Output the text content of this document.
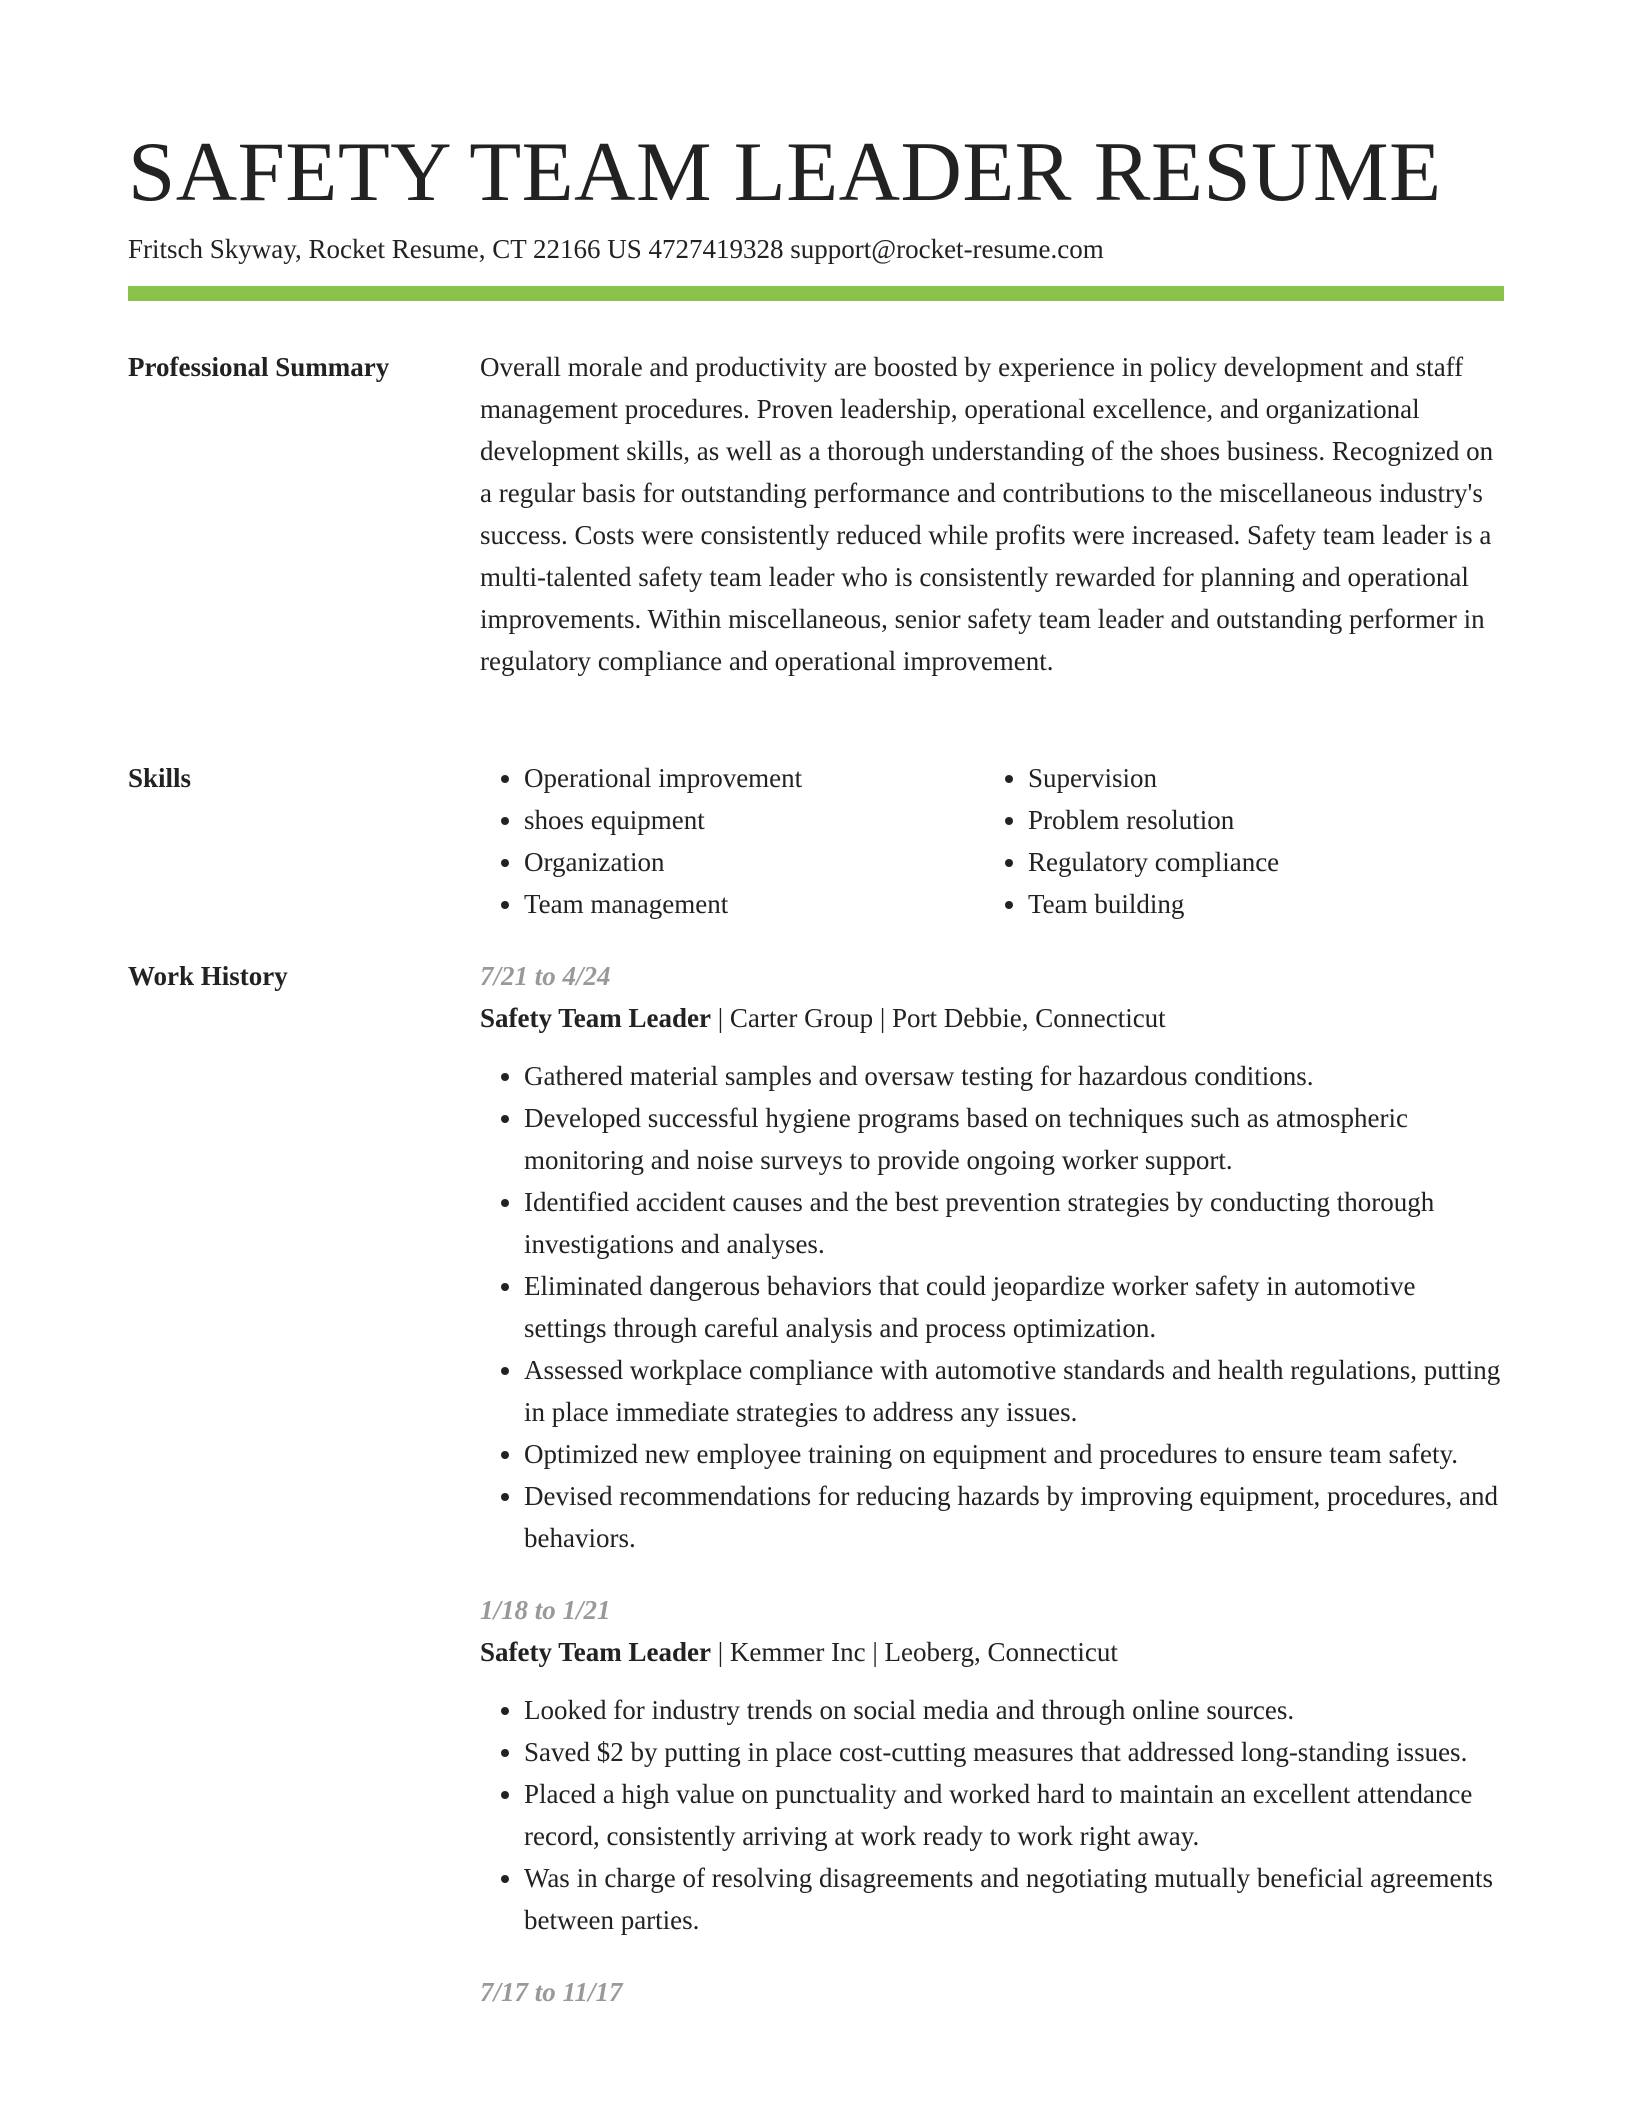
SAFETY TEAM LEADER RESUME
Fritsch Skyway, Rocket Resume, CT 22166 US 4727419328 support@rocket-resume.com
Professional Summary	Overall morale and productivity are boosted by experience in policy development and staff management procedures. Proven leadership, operational excellence, and organizational development skills, as well as a thorough understanding of the shoes business. Recognized on a regular basis for outstanding performance and contributions to the miscellaneous industry's success. Costs were consistently reduced while profits were increased. Safety team leader is a multi-talented safety team leader who is consistently rewarded for planning and operational improvements. Within miscellaneous, senior safety team leader and outstanding performer in regulatory compliance and operational improvement.

Skills
•	Operational improvement
• shoes equipment
• Organization
• Team management
• Supervision
• Problem resolution
• Regulatory compliance
• Team building
Work History	7/21 to 4/24
Safety Team Leader | Carter Group | Port Debbie, Connecticut
• Gathered material samples and oversaw testing for hazardous conditions.
• Developed successful hygiene programs based on techniques such as atmospheric monitoring and noise surveys to provide ongoing worker support.
• Identified accident causes and the best prevention strategies by conducting thorough investigations and analyses.
• Eliminated dangerous behaviors that could jeopardize worker safety in automotive settings through careful analysis and process optimization.
• Assessed workplace compliance with automotive standards and health regulations, putting in place immediate strategies to address any issues.
• Optimized new employee training on equipment and procedures to ensure team safety.
• Devised recommendations for reducing hazards by improving equipment, procedures, and behaviors.
1/18 to 1/21
Safety Team Leader | Kemmer Inc | Leoberg, Connecticut
• Looked for industry trends on social media and through online sources.
• Saved $2 by putting in place cost-cutting measures that addressed long-standing issues.
• Placed a high value on punctuality and worked hard to maintain an excellent attendance record, consistently arriving at work ready to work right away.
• Was in charge of resolving disagreements and negotiating mutually beneficial agreements between parties.
7/17 to 11/17
